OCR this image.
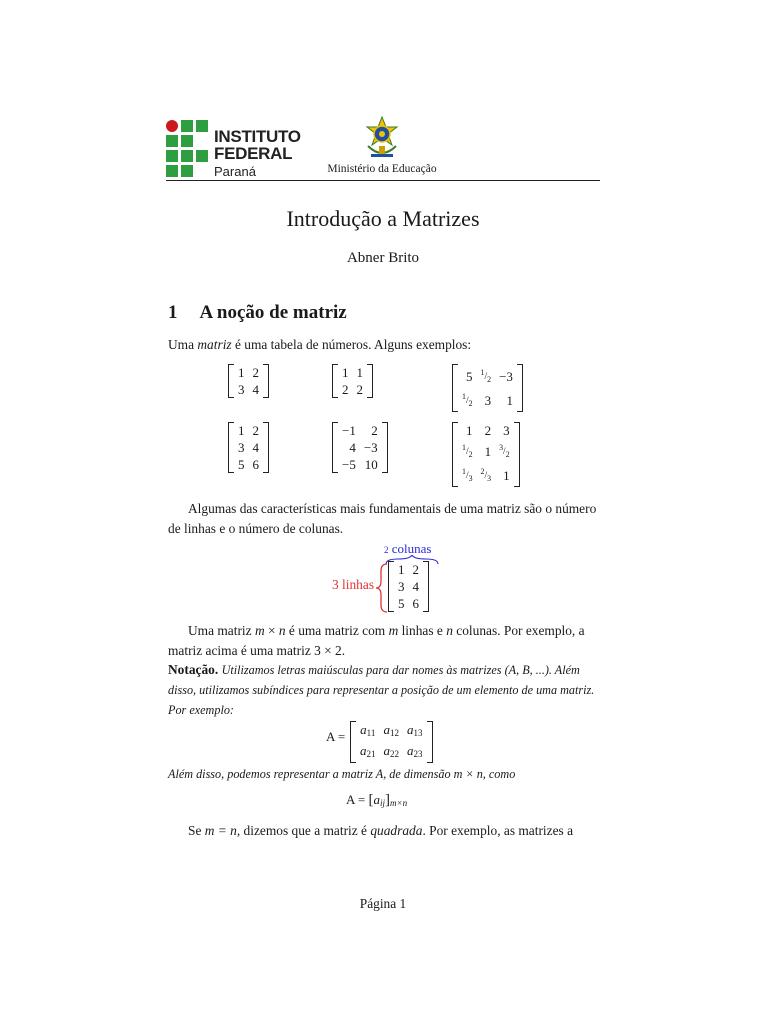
INSTITUTO
FEDERAL
Paraná	Ministério da Educação
Introdução a Matrizes
Abner Brito
1 A noção de matriz
Uma matriz é uma tabela de números. Alguns exemplos:
1	2
3	4
1	1
2	2
5	$^1/_2$	−3
$^1/_2$	3	1
1	2
3	4
5	6
−1	2
4	−3
−5	10
1	2	3
$^1/_2$	1	$^3/_2$
$^1/_3$	$^2/_3$	1
Algumas das características mais fundamentais de uma matriz são o número de linhas e o número de colunas.
2 colunas
3 linhas
1	2
3	4
5	6
Uma matriz m × n é uma matriz com m linhas e n colunas. Por exemplo, a matriz acima é uma matriz 3 × 2.
Notação. Utilizamos letras maiúsculas para dar nomes às matrizes (A, B, ...). Além disso, utilizamos subíndices para representar a posição de um elemento de uma matriz. Por exemplo:
$A = a_{11}$	$a_{12}$	$a_{13}$
$a_{21}$	$a_{22}$	$a_{23}$
Além disso, podemos representar a matriz A, de dimensão m × n, como
$A = [a_{ij}]_{m\times n}$
Se m = n, dizemos que a matriz é quadrada. Por exemplo, as matrizes a
Página 1
